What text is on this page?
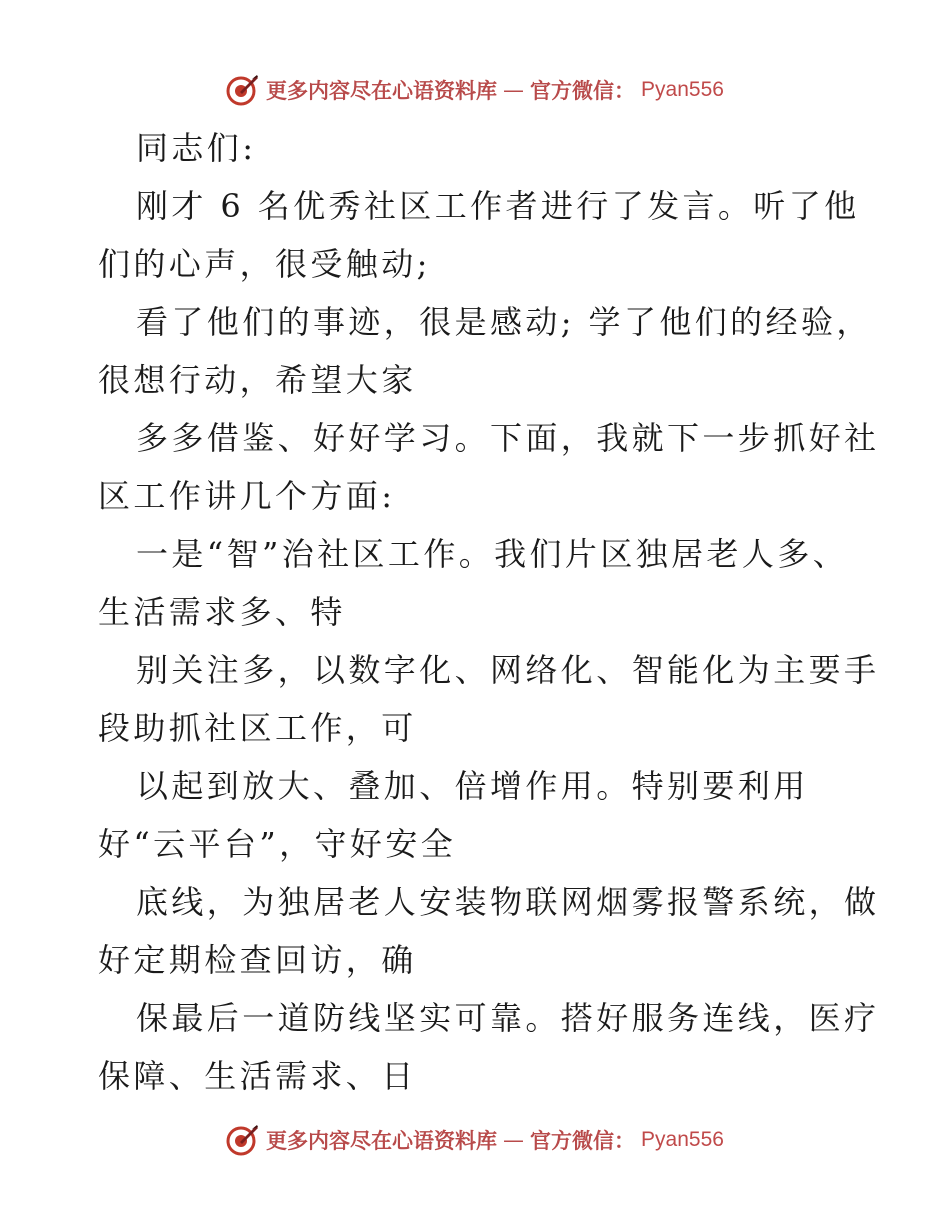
更多内容尽在心语资料库 — 官方微信： Pyan556
同志们:
刚才 6 名优秀社区工作者进行了发言。听了他
们的心声，很受触动;
看了他们的事迹，很是感动; 学了他们的经验，
很想行动，希望大家
多多借鉴、好好学习。下面，我就下一步抓好社
区工作讲几个方面:
一是“智”治社区工作。我们片区独居老人多、
生活需求多、特
别关注多，以数字化、网络化、智能化为主要手
段助抓社区工作，可
以起到放大、叠加、倍增作用。特别要利用
好“云平台”，守好安全
底线，为独居老人安装物联网烟雾报警系统，做
好定期检查回访，确
保最后一道防线坚实可靠。搭好服务连线，医疗
保障、生活需求、日
更多内容尽在心语资料库 — 官方微信： Pyan556
